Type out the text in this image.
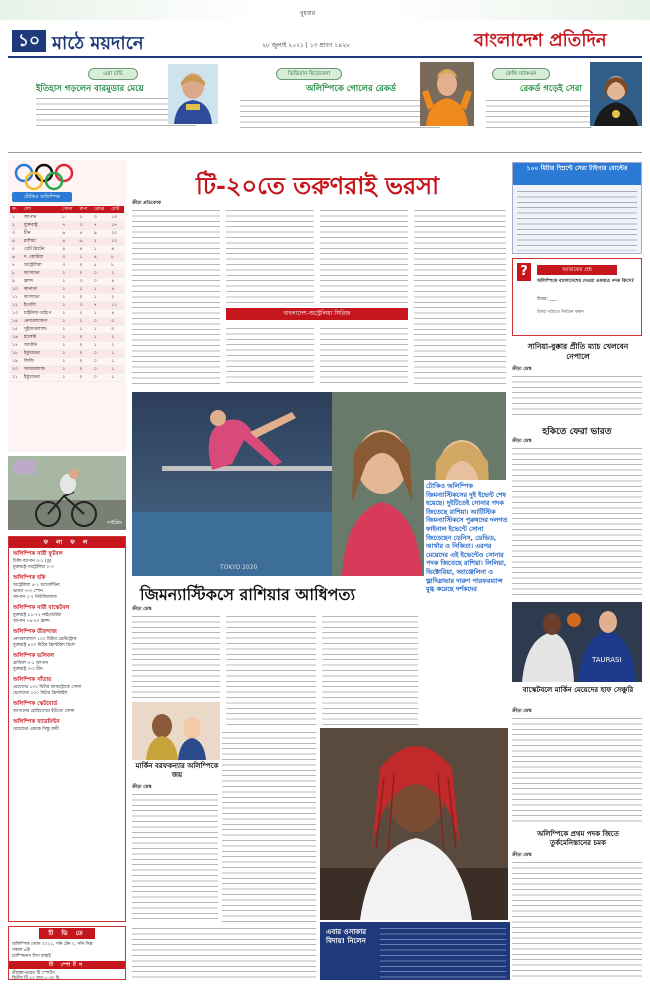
বুধবার
১০ মাঠে ময়দানে	২৮ জুলাই ২০২১ | ১৩ শ্রাবণ ১৪২৮	বাংলাদেশ প্রতিদিন
এমা চাচি
ইতিহাস গড়লেন বারমুডার মেয়ে
ভিভিয়ান মিডেমেনা
অলিম্পিকে গোলের রেকর্ড
কেলি ম্যাকওন
রেকর্ড গড়েই সেরা
টোকিও অলিম্পিক
ক্র.	দেশ	সোনা	রুপা	ব্রোঞ্জ	মোট
১	জাপান	৮	২	৩	১৩
২	যুক্তরাষ্ট্র	৭	৩	৭	১৭
৩	চীন	৬	৫	৯	২০
৪	রাশিয়া	৪	৬	২	১২
৫	গ্রেট ব্রিটেন	৪	৪	১	৯
৬	দ. কোরিয়া	৩	১	৪	৮
৭	অস্ট্রেলিয়া	৩	০	৫	৮
৮	কসোভো	২	০	০	২
৯	ফ্রান্স	১	৩	০	৪
১০	কানাডা	১	২	১	৪
১১	কসোভো	১	০	১	২
১২	ইতালি	১	৩	৭	১১
১৩	চাইনিজ তাইপে	১	২	১	৪
১৪	নেদারল্যান্ডস	১	২	০	৩
১৫	সুইজারল্যান্ড	১	১	১	৩
১৬	হাঙ্গেরি	১	০	১	২
১৭	জার্মানি	১	০	১	২
১৮	ইকুয়েডর	১	০	০	১
১৯	ফিজি	১	০	০	১
২০	আয়ারল্যান্ড	১	০	০	১
২১	ইকুয়েডর	১	০	০	১
সাইক্লিং
ফ লা ফ ল
অলিম্পিক নারী ফুটবল
চিলি-জাপান ০-১ (ড্র)
যুক্তরাষ্ট্র-অস্ট্রেলিয়া ০-০
অলিম্পিক হকি
অস্ট্রেলিয়া ৫-১ আর্জেন্টিনা
ভারত ৩-০ স্পেন
জাপান ২-২ নিউজিল্যান্ড
অলিম্পিক নারী বাস্কেটবল
যুক্তরাষ্ট্র ৮১-৭২ নাইজেরিয়া
জাপান ৭৪-৭০ ফ্রান্স
অলিম্পিক তীরন্দাজ
নেদারল্যান্ডস ১০০ মিটার ব্রেস্টস্ট্রোক
যুক্তরাষ্ট্র ৪০০ মিটার ফ্রিস্টাইল রিলে
অলিম্পিক ভলিবল
ব্রাজিল ৩-১ জাপান
যুক্তরাষ্ট্র ৩-০ চীন
অলিম্পিক সাঁতার
মেয়েদের ১০০ মিটার ব্যাকস্ট্রোকে সোনা
ছেলেদের ২০০ মিটার ফ্রিস্টাইল
অলিম্পিক স্কেটবোর্ড
জাপানের হোরিগোমে ইউতো সোনা
অলিম্পিক ব্যাডমিন্টন
মেয়েদের এককে সিন্ধু জয়ী
টি ভি তে
অলিম্পিক গেমস ২০২১, সনি টেন ২, সনি সিক্স
সকাল ৬টা
চ্যাম্পিয়নস লিগ বাছাই
টি স্পোর্টস
শ্রীলঙ্কা-ভারত টি স্পোর্টস
দ্বিতীয় টি-২০ রাত ৮-৩০ মি.
টি-২০তে তরুণরাই ভরসা
ক্রীড়া প্রতিবেদক
বাংলাদেশ-অস্ট্রেলিয়া সিরিজ
TOKYO 2020
টোকিও অলিম্পিক জিমন্যাস্টিকসের দুই ইভেন্ট শেষ হয়েছে। দুইটিতেই সোনার পদক জিতেছে রাশিয়া। আর্টিস্টিক জিমন্যাস্টিকসে পুরুষদের দলগত ফাইনাল ইভেন্টে সোনা জিতেছেন ডেনিস, ডেভিড, আর্থার ও নিকিতা। এরপর মেয়েদের এই ইভেন্টেও সোনার পদক জিতেছে রাশিয়া। লিলিয়া, ভিক্টোরিয়া, অ্যাঞ্জেলিনা ও ভ্লাদিস্লাভার দারুণ পারফরম্যান্স মুগ্ধ করেছে দর্শকদের
জিমন্যাস্টিকসে রাশিয়ার আধিপত্য
ক্রীড়া ডেস্ক
মার্কিন বরফকন্যার অলিম্পিকে জয়
ক্রীড়া ডেস্ক
এবার ওসাকার বিদায়! নিলেন
১০০ মিটার স্প্রিন্টে সেরা টাইগার বোল্টের
?	আজকের প্রশ্ন
অলিম্পিকে বাংলাদেশের দেওয়া একমাত্র পদক কিসে?
উত্তর: ___
উত্তর পাঠাতে নির্বাচন করুন
সানিয়া-বুক্কার প্রীতি ম্যাচ খেলবেন নেপালে
ক্রীড়া ডেস্ক
হকিতে ফেরা ভারত
ক্রীড়া ডেস্ক
TAURASI
বাস্কেটবলে মার্কিন মেয়েদের হাফ সেঞ্চুরি
ক্রীড়া ডেস্ক
অলিম্পিকে প্রথম পদক জিতে তুর্কমেনিস্তানের চমক
ক্রীড়া ডেস্ক
